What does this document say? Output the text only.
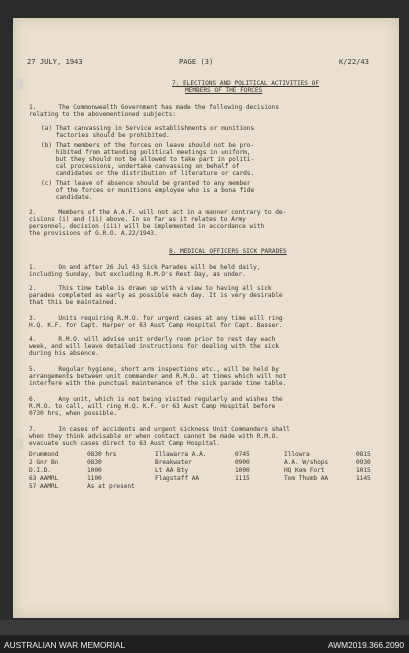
27 JULY, 1943	PAGE (3)	K/22/43
7. ELECTIONS AND POLITICAL ACTIVITIES OF
MEMBERS OF THE FORCES
1.      The Commonwealth Government has made the following decisions
relating to the abovementioned subjects:
(a) That canvassing in Service establishments or munitions
factories should be prohibited.
(b) That members of the forces on leave should not be pro-
hibited from attending political meetings in uniform,
but they should not be allowed to take part in politi-
cal processions, undertake canvassing on behalf of
candidates or the distribution of literature or cards.
(c) That leave of absence should be granted to any member
of the forces or munitions employee who is a bona fide
candidate.
2.      Members of the A.A.F. will not act in a manner contrary to de-
cisions (i) and (ii) above. In so far as it relates to Army
personnel, decision (iii) will be implemented in accordance with
the provisions of G.R.O. A.22/1943.
8. MEDICAL OFFICERS SICK PARADES
1.      On and after 26 Jul 43 Sick Parades will be held daily,
including Sunday, but excluding R.M.O's Rest Day, as under.
2.      This time table is drawn up with a view to having all sick
parades completed as early as possible each day. It is very desirable
that this be maintained.
3.      Units requiring R.M.O. for urgent cases at any time will ring
H.Q. K.F. for Capt. Harper or 63 Aust Camp Hospital for Capt. Basser.
4.      R.M.O. will advise unit orderly room prior to rest day each
week, and will leave detailed instructions for dealing with the sick
during his absence.
5.      Regular hygiene, short arm inspections etc., will be held by
arrangements between unit commander and R.M.O. at times which will not
interfere with the punctual maintenance of the sick parade time table.
6.      Any unit, which is not being visited regularly and wishes the
R.M.O. to call, will ring H.Q. K.F. or 63 Aust Camp Hospital before
0730 hrs, when possible.
7.      In cases of accidents and urgent sickness Unit Commanders shall
when they think advisable or when contact cannot be made with R.M.O.
evacuate such cases direct to 63 Aust Camp Hospital.
Drummond	0830 hrs	Illawarra A.A.	0745	Illowra	0815
2 Gnr Bn	0830	Breakwater	0900	A.A. W/shops	0930
D.I.D.	1000	Lt AA Bty	1000	HQ Kem Fort	1015
63 AAMRL	1100	Flagstaff AA	1115	Tom Thumb AA	1145
57 AAMRL	As at present
AUSTRALIAN WAR MEMORIAL	AWM2019.366.2090
